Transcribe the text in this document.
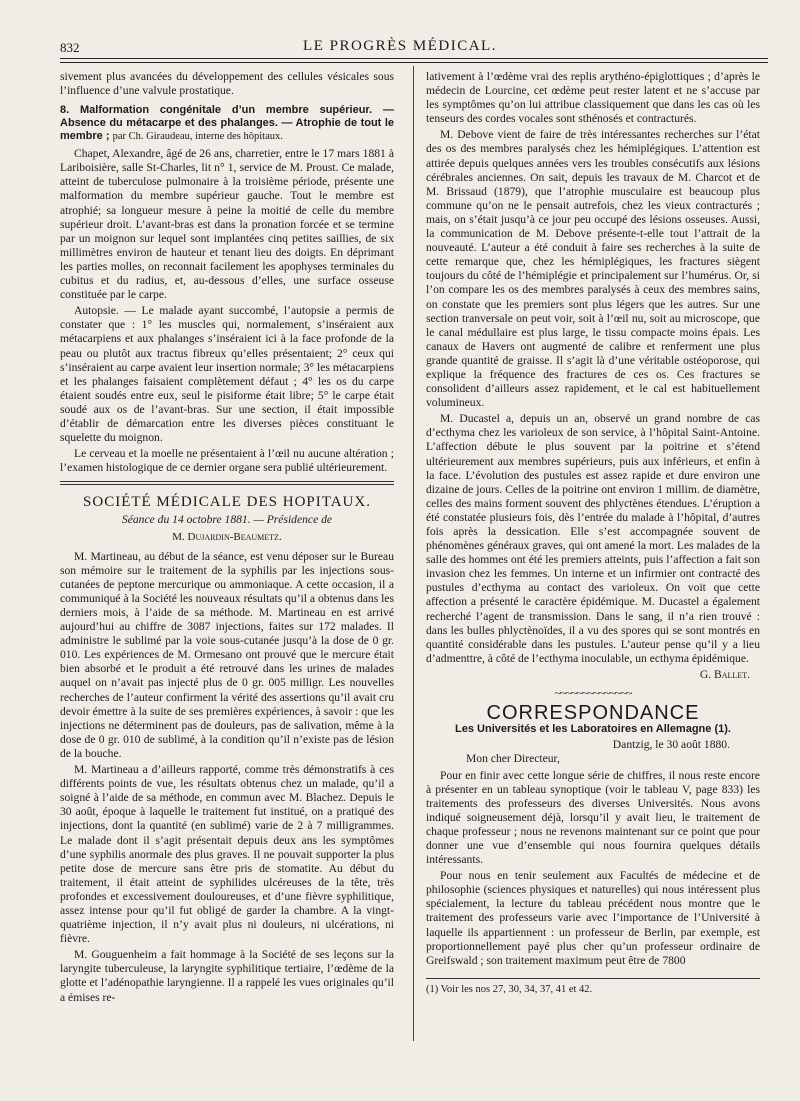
832	LE PROGRÈS MÉDICAL.

sivement plus avancées du développement des cellules vésicales sous l’influence d’une valvule prostatique.

8. Malformation congénitale d’un membre supérieur. — Absence du métacarpe et des phalanges. — Atrophie de tout le membre ; par Ch. Giraudeau, interne des hôpitaux.

Chapet, Alexandre, âgé de 26 ans, charretier, entre le 17 mars 1881 à Lariboisière, salle St-Charles, lit n° 1, service de M. Proust. Ce malade, atteint de tuberculose pulmonaire à la troisième période, présente une malformation du membre supérieur gauche. Tout le membre est atrophié; sa longueur mesure à peine la moitié de celle du membre supérieur droit. L’avant-bras est dans la pronation forcée et se termine par un moignon sur lequel sont implantées cinq petites saillies, de six millimètres environ de hauteur et tenant lieu des doigts. En déprimant les parties molles, on reconnait facilement les apophyses terminales du cubitus et du radius, et, au-dessous d’elles, une surface osseuse constituée par le carpe.

Autopsie. — Le malade ayant succombé, l’autopsie a permis de constater que : 1° les muscles qui, normalement, s’inséraient aux métacarpiens et aux phalanges s’inséraient ici à la face profonde de la peau ou plutôt aux tractus fibreux qu’elles présentaient; 2° ceux qui s’inséraient au carpe avaient leur insertion normale; 3° les métacarpiens et les phalanges faisaient complètement défaut ; 4° les os du carpe étaient soudés entre eux, seul le pisiforme était libre; 5° le carpe était soudé aux os de l’avant-bras. Sur une section, il était impossible d’établir de démarcation entre les diverses pièces constituant le squelette du moignon.

Le cerveau et la moelle ne présentaient à l’œil nu aucune altération ; l’examen histologique de ce dernier organe sera publié ultérieurement.

SOCIÉTÉ MÉDICALE DES HOPITAUX.
Séance du 14 octobre 1881. — Présidence de
M. Dujardin-Beaumetz.

M. Martineau, au début de la séance, est venu déposer sur le Bureau son mémoire sur le traitement de la syphilis par les injections sous-cutanées de peptone mercurique ou ammoniaque. A cette occasion, il a communiqué à la Société les nouveaux résultats qu’il a obtenus dans les derniers mois, à l’aide de sa méthode. M. Martineau en est arrivé aujourd’hui au chiffre de 3087 injections, faites sur 172 malades. Il administre le sublimé par la voie sous-cutanée jusqu’à la dose de 0 gr. 010. Les expériences de M. Ormesano ont prouvé que le mercure était bien absorbé et le produit a été retrouvé dans les urines de malades auquel on n’avait pas injecté plus de 0 gr. 005 milligr. Les nouvelles recherches de l’auteur confirment la vérité des assertions qu’il avait cru devoir émettre à la suite de ses premières expériences, à savoir : que les injections ne déterminent pas de douleurs, pas de salivation, même à la dose de 0 gr. 010 de sublimé, à la condition qu’il n’existe pas de lésion de la bouche.

M. Martineau a d’ailleurs rapporté, comme très démonstratifs à ces différents points de vue, les résultats obtenus chez un malade, qu’il a soigné à l’aide de sa méthode, en commun avec M. Blachez. Depuis le 30 août, époque à laquelle le traitement fut institué, on a pratiqué des injections, dont la quantité (en sublimé) varie de 2 à 7 milligrammes. Le malade dont il s’agit présentait depuis deux ans les symptômes d’une syphilis anormale des plus graves. Il ne pouvait supporter la plus petite dose de mercure sans être pris de stomatite. Au début du traitement, il était atteint de syphilides ulcéreuses de la tête, très profondes et excessivement douloureuses, et d’une fièvre syphilitique, assez intense pour qu’il fut obligé de garder la chambre. A la vingt-quatrième injection, il n’y avait plus ni douleurs, ni ulcérations, ni fièvre.

M. Gouguenheim a fait hommage à la Société de ses leçons sur la laryngite tuberculeuse, la laryngite syphilitique tertiaire, l’œdème de la glotte et l’adénopathie laryngienne. Il a rappelé les vues originales qu’il a émises re-

lativement à l’œdème vrai des replis arythéno-épiglottiques ; d’après le médecin de Lourcine, cet œdème peut rester latent et ne s’accuse par les symptômes qu’on lui attribue classiquement que dans les cas où les tenseurs des cordes vocales sont sthénosés et contracturés.

M. Debove vient de faire de très intéressantes recherches sur l’état des os des membres paralysés chez les hémiplégiques. L’attention est attirée depuis quelques années vers les troubles consécutifs aux lésions cérébrales anciennes. On sait, depuis les travaux de M. Charcot et de M. Brissaud (1879), que l’atrophie musculaire est beaucoup plus commune qu’on ne le pensait autrefois, chez les vieux contracturés ; mais, on s’était jusqu’à ce jour peu occupé des lésions osseuses. Aussi, la communication de M. Debove présente-t-elle tout l’attrait de la nouveauté. L’auteur a été conduit à faire ses recherches à la suite de cette remarque que, chez les hémiplégiques, les fractures siègent toujours du côté de l’hémiplégie et principalement sur l’humérus. Or, si l’on compare les os des membres paralysés à ceux des membres sains, on constate que les premiers sont plus légers que les autres. Sur une section tranversale on peut voir, soit à l’œil nu, soit au microscope, que le canal médullaire est plus large, le tissu compacte moins épais. Les canaux de Havers ont augmenté de calibre et renferment une plus grande quantité de graisse. Il s’agit là d’une véritable ostéoporose, qui explique la fréquence des fractures de ces os. Ces fractures se consolident d’ailleurs assez rapidement, et le cal est habituellement volumineux.

M. Ducastel a, depuis un an, observé un grand nombre de cas d’ecthyma chez les varioleux de son service, à l’hôpital Saint-Antoine. L’affection débute le plus souvent par la poitrine et s’étend ultérieurement aux membres supérieurs, puis aux inférieurs, et enfin à la face. L’évolution des pustules est assez rapide et dure environ une dizaine de jours. Celles de la poitrine ont environ 1 millim. de diamètre, celles des mains forment souvent des phlyctènes étendues. L’éruption a été constatée plusieurs fois, dès l’entrée du malade à l’hôpital, d’autres fois après la dessication. Elle s’est accompagnée souvent de phénomènes généraux graves, qui ont amené la mort. Les malades de la salle des hommes ont été les premiers atteints, puis l’affection a fait son invasion chez les femmes. Un interne et un infirmier ont contracté des pustules d’ecthyma au contact des varioleux. On voit que cette affection a présenté le caractère épidémique. M. Ducastel a également recherché l’agent de transmission. Dans le sang, il n’a rien trouvé : dans les bulles phlyctènoïdes, il a vu des spores qui se sont montrés en quantité considérable dans les pustules. L’auteur pense qu’il y a lieu d’admenttre, à côté de l’ecthyma inoculable, un ecthyma épidémique.

G. Ballet.
~~~~~~~~~~~~~~
CORRESPONDANCE
Les Universités et les Laboratoires en Allemagne (1).
Dantzig, le 30 août 1880.

Mon cher Directeur,

Pour en finir avec cette longue série de chiffres, il nous reste encore à présenter en un tableau synoptique (voir le tableau V, page 833) les traitements des professeurs des diverses Universités. Nous avons indiqué soigneusement déjà, lorsqu’il y avait lieu, le traitement de chaque professeur ; nous ne revenons maintenant sur ce point que pour donner une vue d’ensemble qui nous fournira quelques détails intéressants.

Pour nous en tenir seulement aux Facultés de médecine et de philosophie (sciences physiques et naturelles) qui nous intéressent plus spécialement, la lecture du tableau précédent nous montre que le traitement des professeurs varie avec l’importance de l’Université à laquelle ils appartiennent : un professeur de Berlin, par exemple, est proportionnellement payé plus cher qu’un professeur ordinaire de Greifswald ; son traitement maximum peut être de 7800

(1) Voir les nos 27, 30, 34, 37, 41 et 42.
